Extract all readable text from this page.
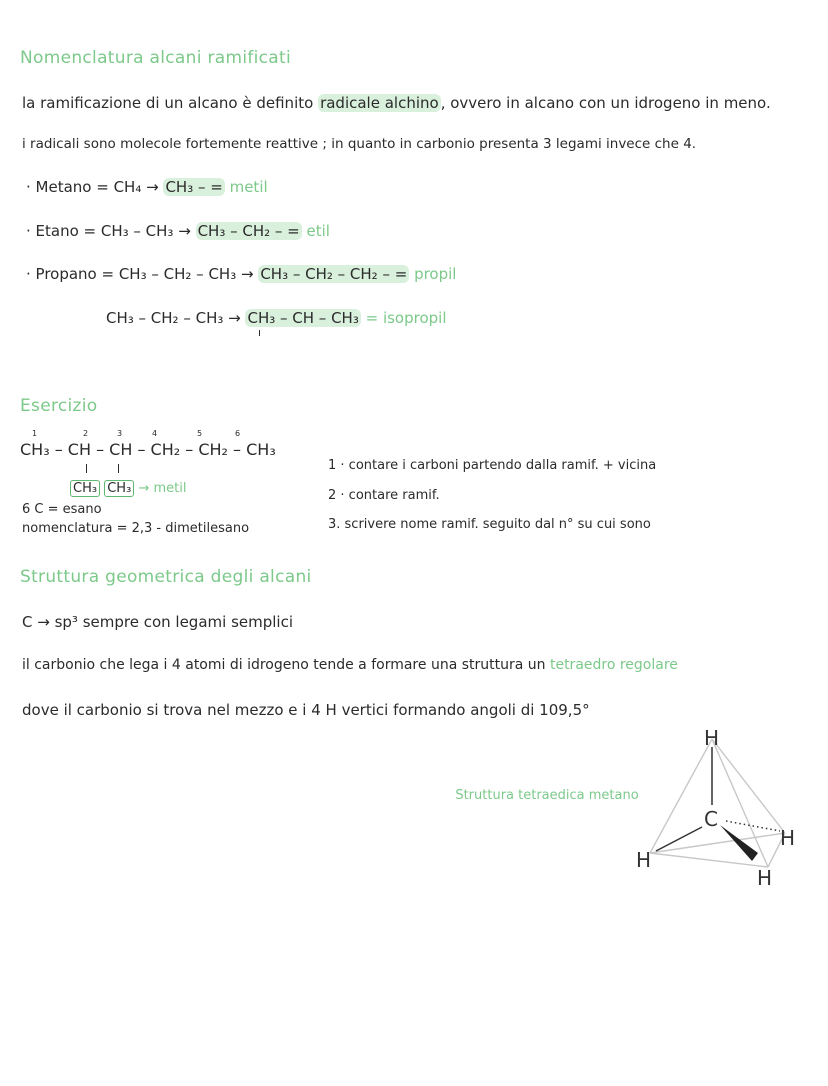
Nomenclatura alcani ramificati
la ramificazione di un alcano è definito radicale alchino , ovvero in alcano con un idrogeno in meno.
i radicali sono molecole fortemente reattive ; in quanto in carbonio presenta 3 legami invece che 4.
· Metano = CH₄ → CH₃ – = metil
· Etano = CH₃ – CH₃ → CH₃ – CH₂ – = etil
· Propano = CH₃ – CH₂ – CH₃ → CH₃ – CH₂ – CH₂ – = propil
CH₃ – CH₂ – CH₃ → CH₃ – CH – CH₃ = isopropil
Esercizio
1	2	3	4	5	6
CH₃ – CH – CH – CH₂ – CH₂ – CH₃
CH₃ CH₃ → metil
6 C = esano
nomenclatura = 2,3 - dimetilesano
1 · contare i carboni partendo dalla ramif. + vicina
2 · contare ramif.
3. scrivere nome ramif. seguito dal n° su cui sono
Struttura geometrica degli alcani
C → sp³ sempre con legami semplici
il carbonio che lega i 4 atomi di idrogeno tende a formare una struttura un tetraedro regolare
dove il carbonio si trova nel mezzo e i 4 H vertici formando angoli di 109,5°
Struttura tetraedica metano
H
C
H
H
H
